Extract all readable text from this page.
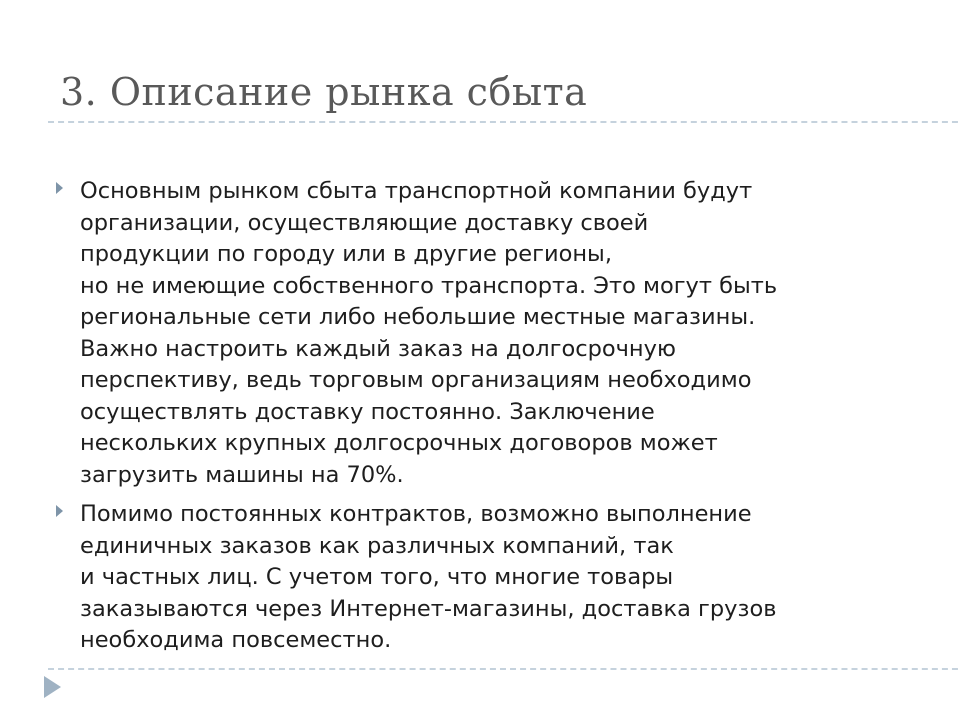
3. Описание рынка сбыта
Основным рынком сбыта транспортной компании будут
организации, осуществляющие доставку своей
продукции по городу или в другие регионы,
но не имеющие собственного транспорта. Это могут быть
региональные сети либо небольшие местные магазины.
Важно настроить каждый заказ на долгосрочную
перспективу, ведь торговым организациям необходимо
осуществлять доставку постоянно. Заключение
нескольких крупных долгосрочных договоров может
загрузить машины на 70%.
Помимо постоянных контрактов, возможно выполнение
единичных заказов как различных компаний, так
и частных лиц. С учетом того, что многие товары
заказываются через Интернет-магазины, доставка грузов
необходима повсеместно.
